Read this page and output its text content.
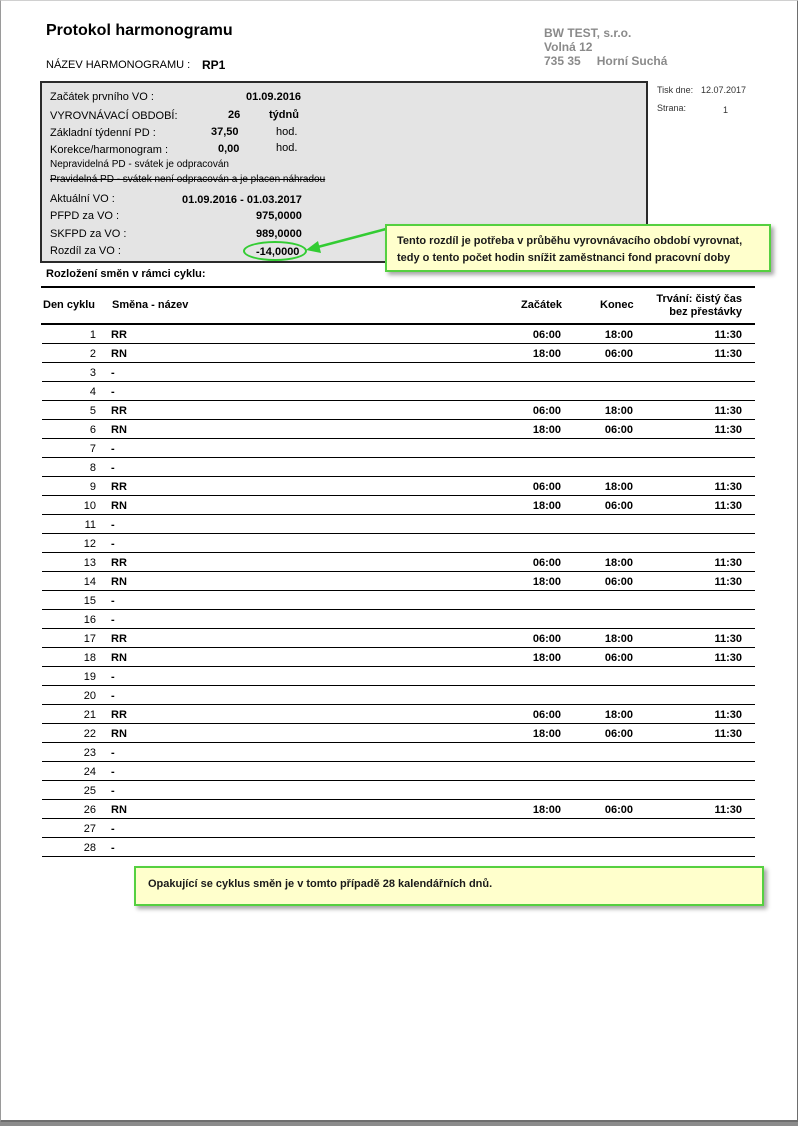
Protokol harmonogramu
NÁZEV HARMONOGRAMU : RP1
BW TEST, s.r.o.
Volná 12
735 35 Horní Suchá
Tisk dne: 12.07.2017
Strana:	1
Začátek prvního VO :	01.09.2016
VYROVNÁVACÍ OBDOBÍ:	26	týdnů
Základní týdenní PD :	37,50	hod.
Korekce/harmonogram :	0,00	hod.
Nepravidelná PD - svátek je odpracován
Pravidelná PD - svátek není odpracován a je placen náhradou
Aktuální VO :	01.09.2016 - 01.03.2017
PFPD za VO :	975,0000
SKFPD za VO :	989,0000
Rozdíl za VO :	-14,0000
Tento rozdíl je potřeba v průběhu vyrovnávacího období vyrovnat,
tedy o tento počet hodin snížit zaměstnanci fond pracovní doby
Rozložení směn v rámci cyklu:
Den cyklu Směna - název	Začátek	Konec Trvání: čistý čas
bez přestávky
1 RR	06:00	18:00	11:30
2 RN	18:00	06:00	11:30
3 -
4 -
5 RR	06:00	18:00	11:30
6 RN	18:00	06:00	11:30
7 -
8 -
9 RR	06:00	18:00	11:30
10 RN	18:00	06:00	11:30
11 -
12 -
13 RR	06:00	18:00	11:30
14 RN	18:00	06:00	11:30
15 -
16 -
17 RR	06:00	18:00	11:30
18 RN	18:00	06:00	11:30
19 -
20 -
21 RR	06:00	18:00	11:30
22 RN	18:00	06:00	11:30
23 -
24 -
25 -
26 RN	18:00	06:00	11:30
27 -
28 -
Opakující se cyklus směn je v tomto případě 28 kalendářních dnů.
